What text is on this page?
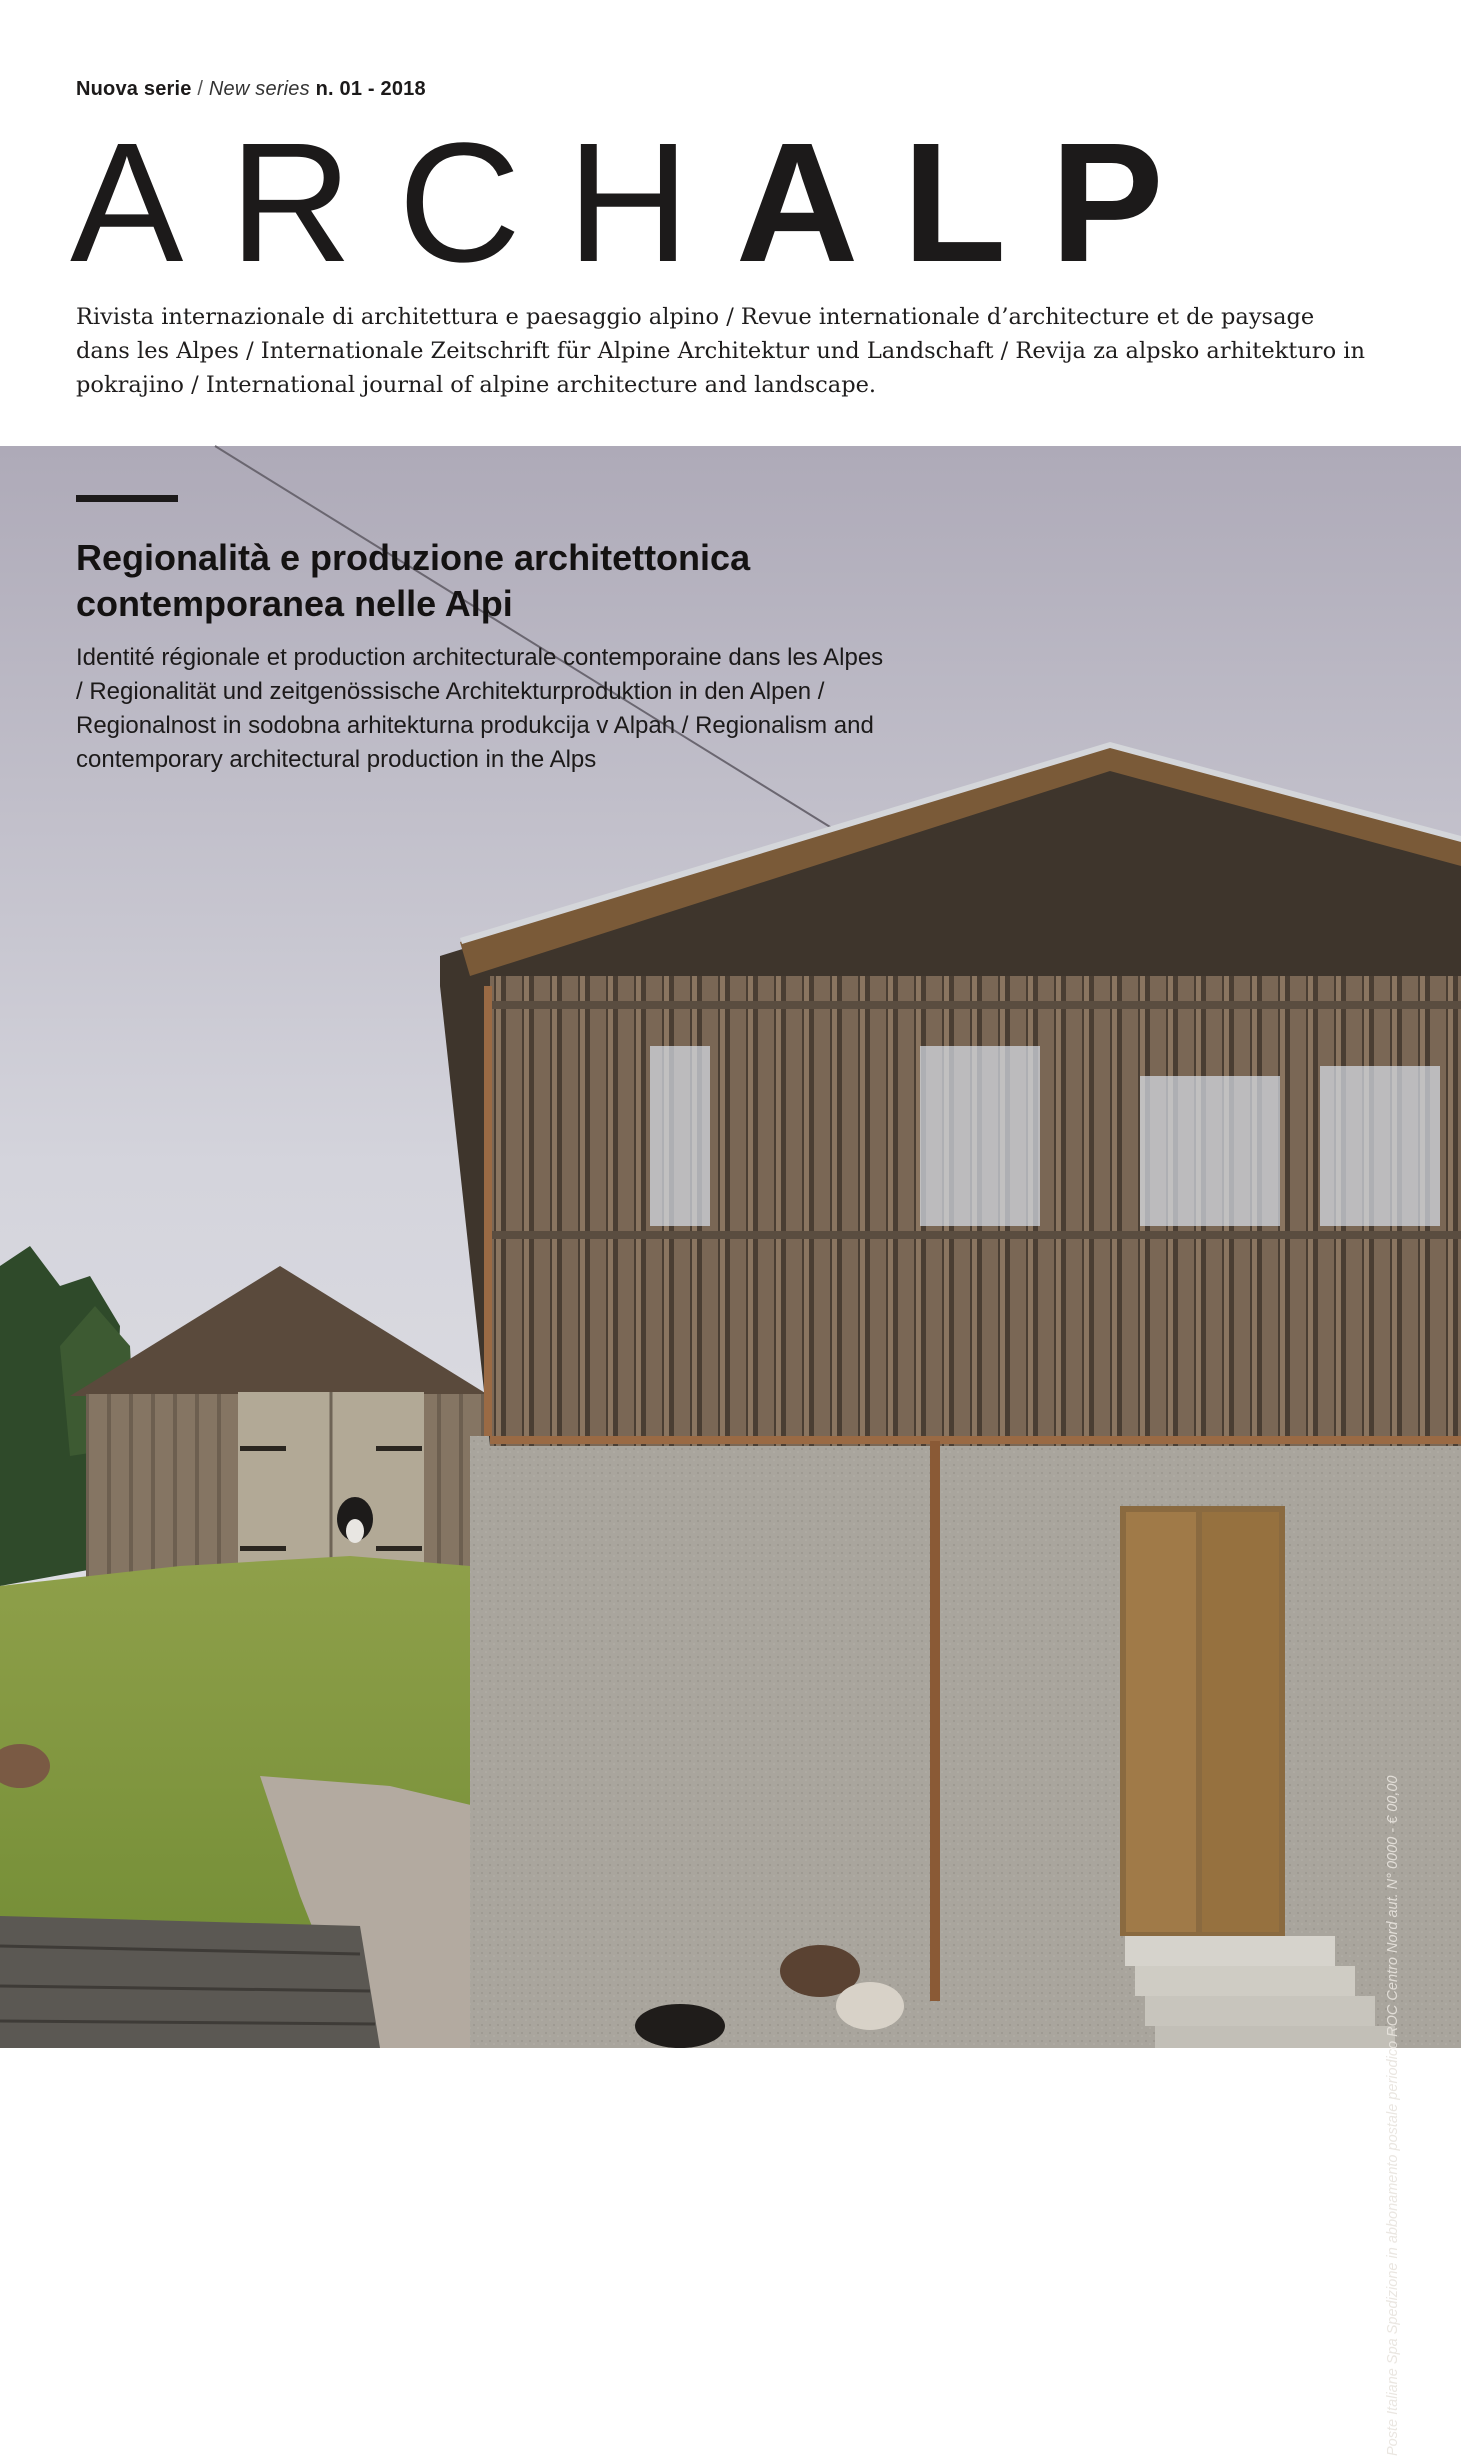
Nuova serie / New series n. 01 - 2018
ARCHALP
Rivista internazionale di architettura e paesaggio alpino / Revue internationale d’architecture et de paysage dans les Alpes / Internationale Zeitschrift für Alpine Architektur und Landschaft / Revija za alpsko arhitekturo in pokrajino / International journal of alpine architecture and landscape.
Poste Italiane Spa Spedizione in abbonamento postale periodico ROC Centro Nord aut. N° 0000 - € 00,00
Regionalità e produzione architettonica contemporanea nelle Alpi
Identité régionale et production architecturale contemporaine dans les Alpes / Regionalität und zeitgenössische Architekturproduktion in den Alpen / Regionalnost in sodobna arhitekturna produkcija v Alpah / Regionalism and contemporary architectural production in the Alps
